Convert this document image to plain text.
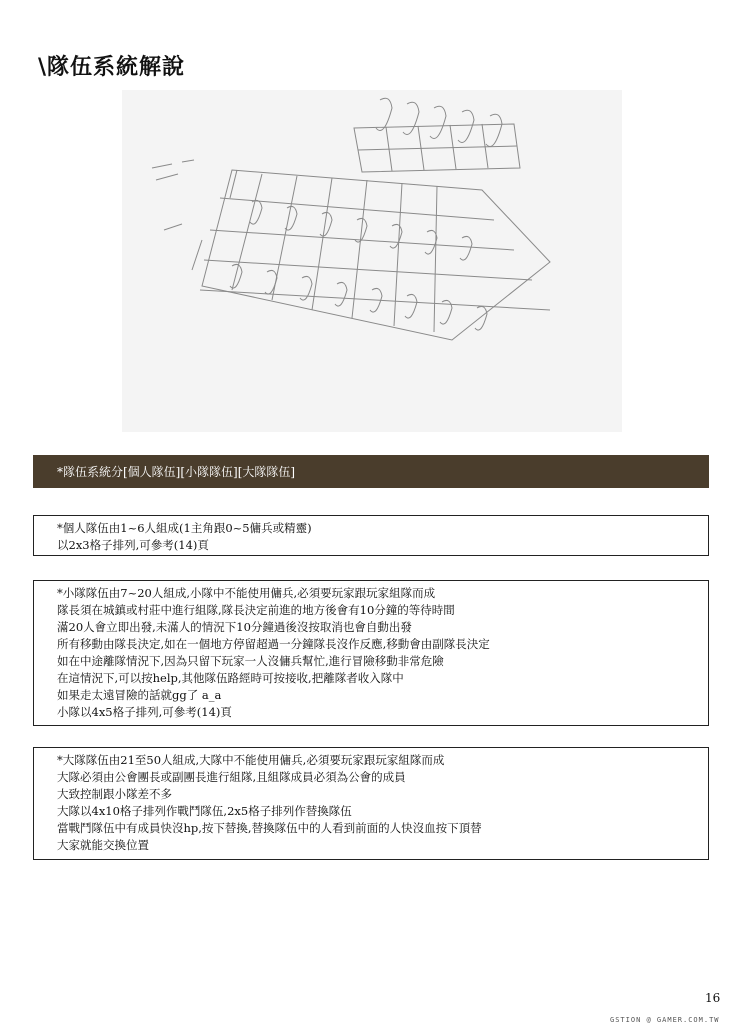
\隊伍系統解說
*隊伍系統分[個人隊伍][小隊隊伍][大隊隊伍]
*個人隊伍由1~6人組成(1主角跟0~5傭兵或精靈)
以2x3格子排列,可參考(14)頁
*小隊隊伍由7~20人組成,小隊中不能使用傭兵,必須要玩家跟玩家組隊而成
隊長須在城鎮或村莊中進行組隊,隊長決定前進的地方後會有10分鐘的等待時間
滿20人會立即出發,未滿人的情況下10分鐘過後沒按取消也會自動出發
所有移動由隊長決定,如在一個地方停留超過一分鐘隊長沒作反應,移動會由副隊長決定
如在中途離隊情況下,因為只留下玩家一人沒傭兵幫忙,進行冒險移動非常危險
在這情況下,可以按help,其他隊伍路經時可按接收,把離隊者收入隊中
如果走太遠冒險的話就gg了 a_a
小隊以4x5格子排列,可參考(14)頁
*大隊隊伍由21至50人組成,大隊中不能使用傭兵,必須要玩家跟玩家組隊而成
大隊必須由公會團長或副團長進行組隊,且組隊成員必須為公會的成員
大致控制跟小隊差不多
大隊以4x10格子排列作戰鬥隊伍,2x5格子排列作替換隊伍
當戰鬥隊伍中有成員快沒hp,按下替換,替換隊伍中的人看到前面的人快沒血按下頂替
大家就能交換位置
16
GSTION @ GAMER.COM.TW
